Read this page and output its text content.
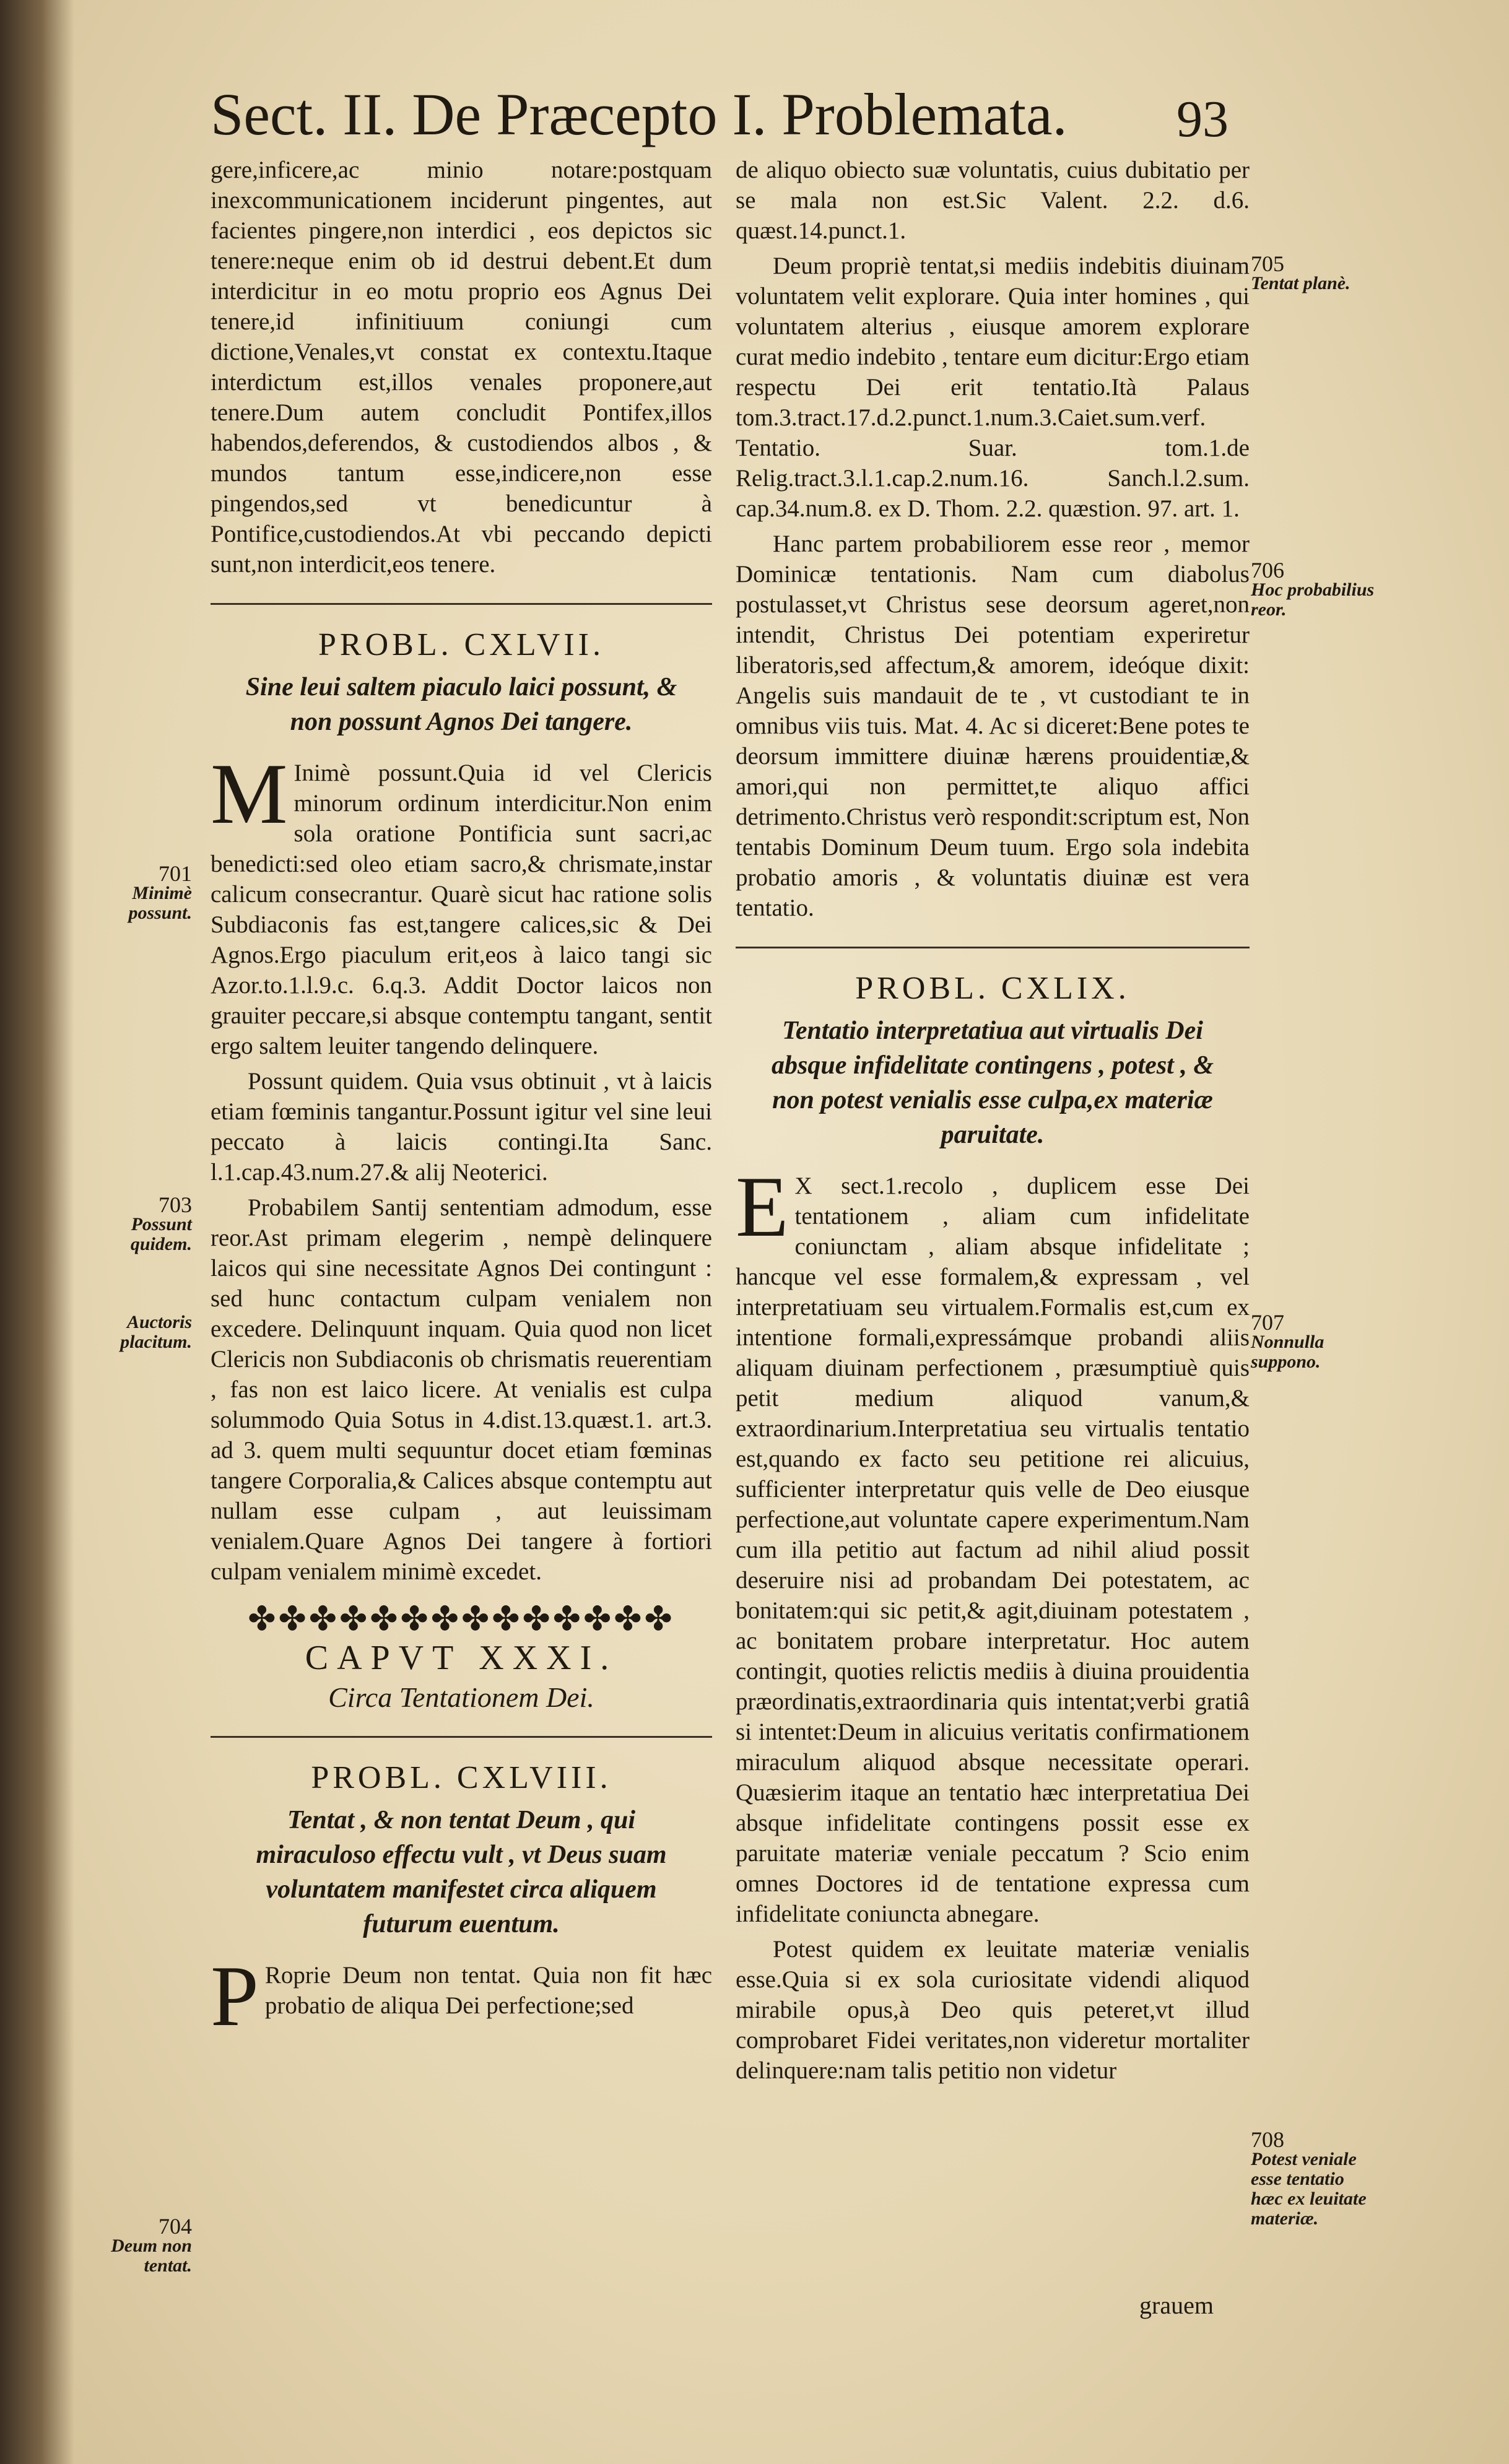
Sect. II. De Præcepto I. Problemata.	93

gere,inficere,ac minio notare:postquam inexcommunicationem inciderunt pingentes, aut facientes pingere,non interdici , eos depictos sic tenere:neque enim ob id destrui debent.Et dum interdicitur in eo motu proprio eos Agnus Dei tenere,id infinitiuum coniungi cum dictione,Venales,vt constat ex contextu.Itaque interdictum est,illos venales proponere,aut tenere.Dum autem concludit Pontifex,illos habendos,deferendos, & custodiendos albos , & mundos tantum esse,indicere,non esse pingendos,sed vt benedicuntur à Pontifice,custodiendos.At vbi peccando depicti sunt,non interdicit,eos tenere.

PROBL. CXLVII.
Sine leui saltem piaculo laici possunt, & non possunt Agnos Dei tangere.

M Inimè possunt.Quia id vel Clericis minorum ordinum interdicitur.Non enim sola oratione Pontificia sunt sacri,ac benedicti:sed oleo etiam sacro,& chrismate,instar calicum consecrantur. Quarè sicut hac ratione solis Subdiaconis fas est,tangere calices,sic & Dei Agnos.Ergo piaculum erit,eos à laico tangi sic Azor.to.1.l.9.c. 6.q.3. Addit Doctor laicos non grauiter peccare,si absque contemptu tangant, sentit ergo saltem leuiter tangendo delinquere.

Possunt quidem. Quia vsus obtinuit , vt à laicis etiam fœminis tangantur.Possunt igitur vel sine leui peccato à laicis contingi.Ita Sanc. l.1.cap.43.num.27.& alij Neoterici.

Probabilem Santij sententiam admodum, esse reor.Ast primam elegerim , nempè delinquere laicos qui sine necessitate Agnos Dei contingunt : sed hunc contactum culpam venialem non excedere. Delinquunt inquam. Quia quod non licet Clericis non Subdiaconis ob chrismatis reuerentiam , fas non est laico licere. At venialis est culpa solummodo Quia Sotus in 4.dist.13.quæst.1. art.3. ad 3. quem multi sequuntur docet etiam fœminas tangere Corporalia,& Calices absque contemptu aut nullam esse culpam , aut leuissimam venialem.Quare Agnos Dei tangere à fortiori culpam venialem minimè excedet.

✤✤✤✤✤✤✤✤✤✤✤✤✤✤
CAPVT XXXI.
Circa Tentationem Dei.
PROBL. CXLVIII.
Tentat , & non tentat Deum , qui miraculoso effectu vult , vt Deus suam voluntatem manifestet circa aliquem futurum euentum.

P Roprie Deum non tentat. Quia non fit hæc probatio de aliqua Dei perfectione;sed

de aliquo obiecto suæ voluntatis, cuius dubitatio per se mala non est.Sic Valent. 2.2. d.6. quæst.14.punct.1.

Deum propriè tentat,si mediis indebitis diuinam voluntatem velit explorare. Quia inter homines , qui voluntatem alterius , eiusque amorem explorare curat medio indebito , tentare eum dicitur:Ergo etiam respectu Dei erit tentatio.Ità Palaus tom.3.tract.17.d.2.punct.1.num.3.Caiet.sum.verf. Tentatio. Suar. tom.1.de Relig.tract.3.l.1.cap.2.num.16. Sanch.l.2.sum. cap.34.num.8. ex D. Thom. 2.2. quæstion. 97. art. 1.

Hanc partem probabiliorem esse reor , memor Dominicæ tentationis. Nam cum diabolus postulasset,vt Christus sese deorsum ageret,non intendit, Christus Dei potentiam experiretur liberatoris,sed affectum,& amorem, ideóque dixit: Angelis suis mandauit de te , vt custodiant te in omnibus viis tuis. Mat. 4. Ac si diceret:Bene potes te deorsum immittere diuinæ hærens prouidentiæ,& amori,qui non permittet,te aliquo affici detrimento.Christus verò respondit:scriptum est, Non tentabis Dominum Deum tuum. Ergo sola indebita probatio amoris , & voluntatis diuinæ est vera tentatio.

PROBL. CXLIX.
Tentatio interpretatiua aut virtualis Dei absque infidelitate contingens , potest , & non potest venialis esse culpa,ex materiæ paruitate.

E X sect.1.recolo , duplicem esse Dei tentationem , aliam cum infidelitate coniunctam , aliam absque infidelitate ; hancque vel esse formalem,& expressam , vel interpretatiuam seu virtualem.Formalis est,cum ex intentione formali,expressámque probandi aliis aliquam diuinam perfectionem , præsumptiuè quis petit medium aliquod vanum,& extraordinarium.Interpretatiua seu virtualis tentatio est,quando ex facto seu petitione rei alicuius, sufficienter interpretatur quis velle de Deo eiusque perfectione,aut voluntate capere experimentum.Nam cum illa petitio aut factum ad nihil aliud possit deseruire nisi ad probandam Dei potestatem, ac bonitatem:qui sic petit,& agit,diuinam potestatem , ac bonitatem probare interpretatur. Hoc autem contingit, quoties relictis mediis à diuina prouidentia præordinatis,extraordinaria quis intentat;verbi gratiâ si intentet:Deum in alicuius veritatis confirmationem miraculum aliquod absque necessitate operari. Quæsierim itaque an tentatio hæc interpretatiua Dei absque infidelitate contingens possit esse ex paruitate materiæ veniale peccatum ? Scio enim omnes Doctores id de tentatione expressa cum infidelitate coniuncta abnegare.

Potest quidem ex leuitate materiæ venialis esse.Quia si ex sola curiositate videndi aliquod mirabile opus,à Deo quis peteret,vt illud comprobaret Fidei veritates,non videretur mortaliter delinquere:nam talis petitio non videtur

grauem
701
Minimè possunt.
703
Possunt quidem.
Auctoris placitum.
704
Deum non tentat.
705
Tentat planè.
706
Hoc probabilius reor.
707
Nonnulla suppono.
708
Potest veniale esse tentatio hæc ex leuitate materiæ.
